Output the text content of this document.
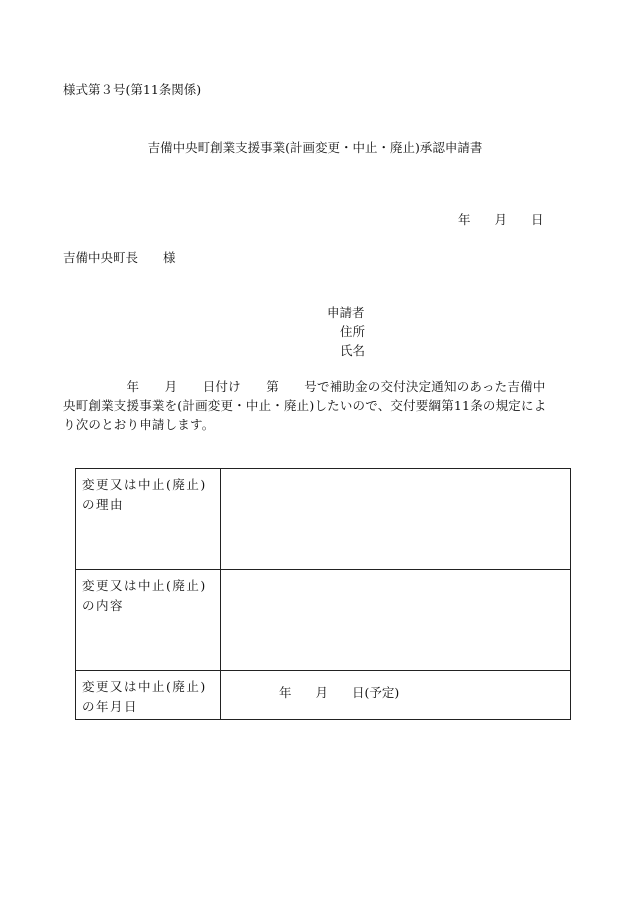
様式第３号(第11条関係)
吉備中央町創業支援事業(計画変更・中止・廃止)承認申請書
年 月 日
吉備中央町長　　様
申請者
住所
氏名
　　　　　年　　月　　日付け　　第　　号で補助金の交付決定通知のあった吉備中
央町創業支援事業を(計画変更・中止・廃止)したいので、交付要綱第11条の規定によ
り次のとおり申請します。
変更又は中止(廃止)
の理由	

変更又は中止(廃止)
の内容	

変更又は中止(廃止)
の年月日	年 月 日(予定)
